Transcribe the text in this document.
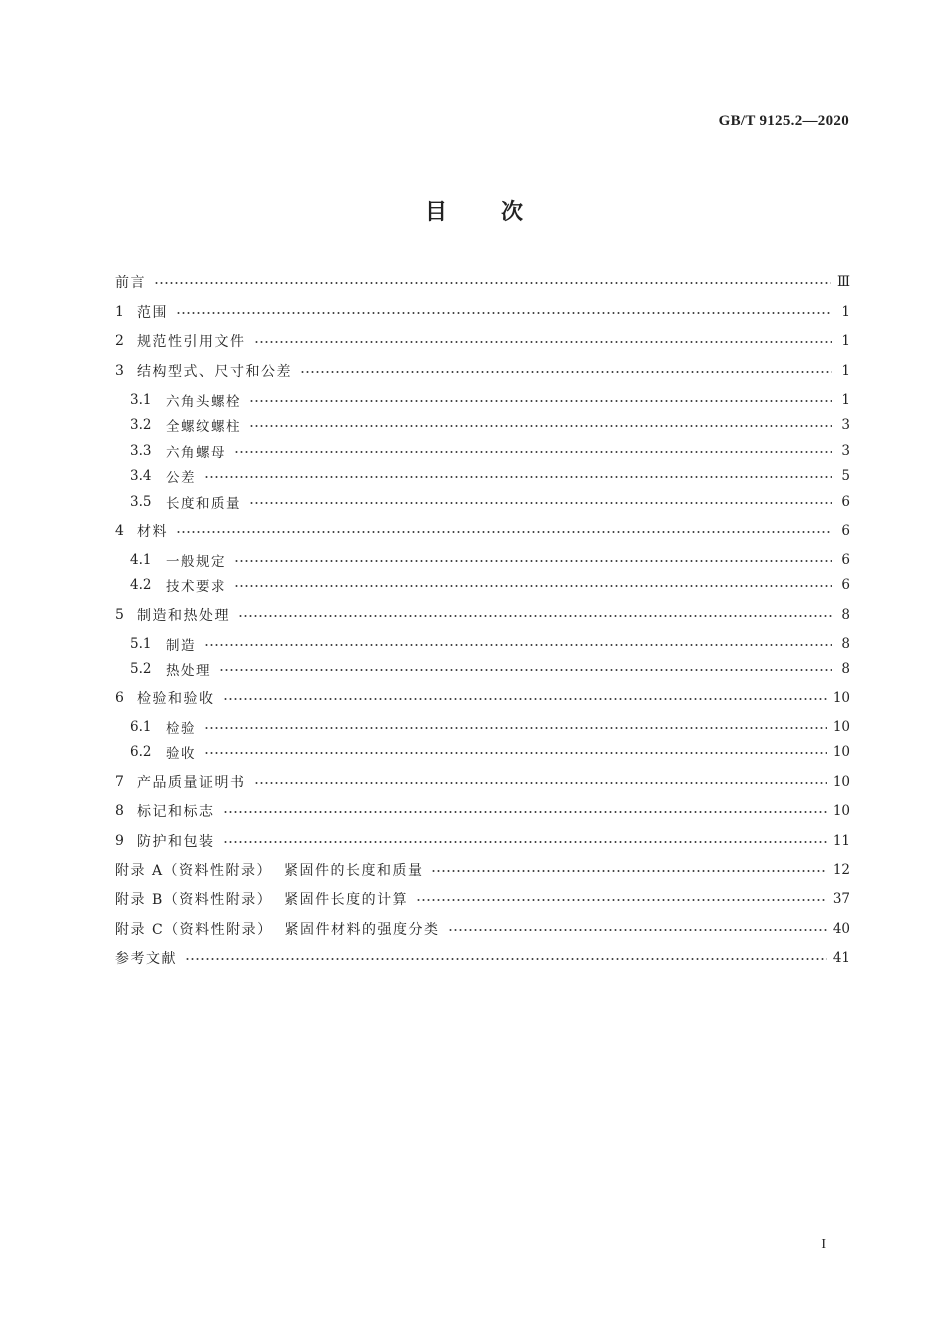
GB/T 9125.2—2020
目 次
前言	Ⅲ
1 范围	1
2 规范性引用文件	1
3 结构型式、尺寸和公差	1
3.1	六角头螺栓	1
3.2	全螺纹螺柱	3
3.3	六角螺母	3
3.4	公差	5
3.5	长度和质量	6
4 材料	6
4.1	一般规定	6
4.2	技术要求	6
5 制造和热处理	8
5.1	制造	8
5.2	热处理	8
6 检验和验收	10
6.1	检验	10
6.2	验收	10
7 产品质量证明书	10
8 标记和标志	10
9 防护和包装	11
附录 A（资料性附录）  紧固件的长度和质量	12
附录 B（资料性附录）  紧固件长度的计算	37
附录 C（资料性附录）  紧固件材料的强度分类	40
参考文献	41
I
